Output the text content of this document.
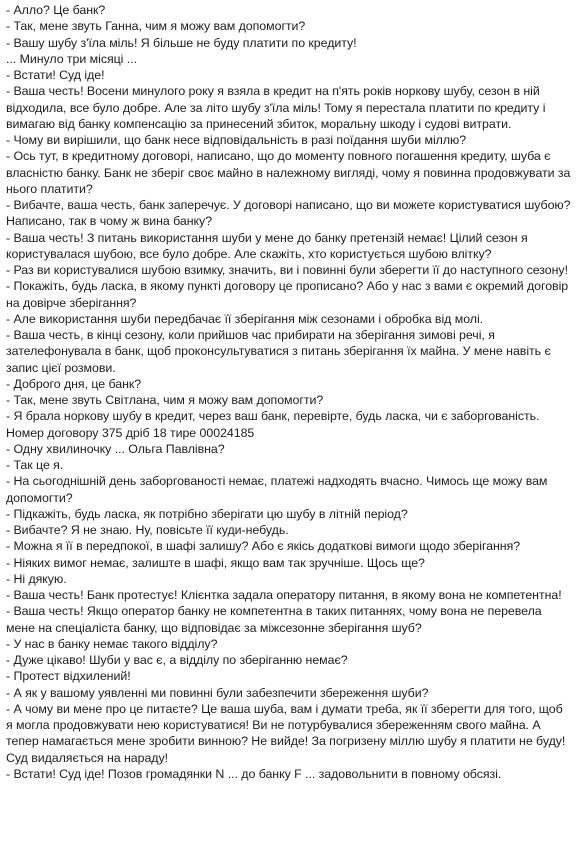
- Алло? Це банк?

- Так, мене звуть Ганна, чим я можу вам допомогти?

- Вашу шубу з'їла міль! Я більше не буду платити по кредиту!

... Минуло три місяці ...

- Встати! Суд іде!

- Ваша честь! Восени минулого року я взяла в кредит на п'ять років норкову шубу, сезон в ній відходила, все було добре. Але за літо шубу з'їла міль! Тому я перестала платити по кредиту і вимагаю від банку компенсацію за принесений збиток, моральну шкоду і судові витрати.

- Чому ви вирішили, що банк несе відповідальність в разі поїдання шуби міллю?

- Ось тут, в кредитному договорі, написано, що до моменту повного погашення кредиту, шуба є власністю банку. Банк не зберіг своє майно в належному вигляді, чому я повинна продовжувати за нього платити?

- Вибачте, ваша честь, банк заперечує. У договорі написано, що ви можете користуватися шубою? Написано, так в чому ж вина банку?

- Ваша честь! З питань використання шуби у мене до банку претензій немає! Цілий сезон я користувалася шубою, все було добре. Але скажіть, хто користується шубою влітку?

- Раз ви користувалися шубою взимку, значить, ви і повинні були зберегти її до наступного сезону!

- Покажіть, будь ласка, в якому пункті договору це прописано? Або у нас з вами є окремий договір на довірче зберігання?

- Але використання шуби передбачає її зберігання між сезонами і обробка від молі.

- Ваша честь, в кінці сезону, коли прийшов час прибирати на зберігання зимові речі, я зателефонувала в банк, щоб проконсультуватися з питань зберігання їх майна. У мене навіть є запис цієї розмови.

- Доброго дня, це банк?

- Так, мене звуть Світлана, чим я можу вам допомогти?

- Я брала норкову шубу в кредит, через ваш банк, перевірте, будь ласка, чи є заборгованість. Номер договору 375 дріб 18 тире 00024185

- Одну хвилиночку ... Ольга Павлівна?

- Так це я.

- На сьогоднішній день заборгованості немає, платежі надходять вчасно. Чимось ще можу вам допомогти?

- Підкажіть, будь ласка, як потрібно зберігати цю шубу в літній період?

- Вибачте? Я не знаю. Ну, повісьте її куди-небудь.

- Можна я її в передпокої, в шафі залишу? Або є якісь додаткові вимоги щодо зберігання?

- Ніяких вимог немає, залиште в шафі, якщо вам так зручніше. Щось ще?

- Ні дякую.

- Ваша честь! Банк протестує! Клієнтка задала оператору питання, в якому вона не компетентна!

- Ваша честь! Якщо оператор банку не компетентна в таких питаннях, чому вона не перевела мене на спеціаліста банку, що відповідає за міжсезонне зберігання шуб?

- У нас в банку немає такого відділу?

- Дуже цікаво! Шуби у вас є, а відділу по зберіганню немає?

- Протест відхилений!

- А як у вашому уявленні ми повинні були забезпечити збереження шуби?

- А чому ви мене про це питаєте? Це ваша шуба, вам і думати треба, як її зберегти для того, щоб я могла продовжувати нею користуватися! Ви не потурбувалися збереженням свого майна. А тепер намагається мене зробити винною? Не вийде! За погризену міллю шубу я платити не буду!

Суд видаляється на нараду!

- Встати! Суд іде! Позов громадянки N ... до банку F ... задовольнити в повному обсязі.
